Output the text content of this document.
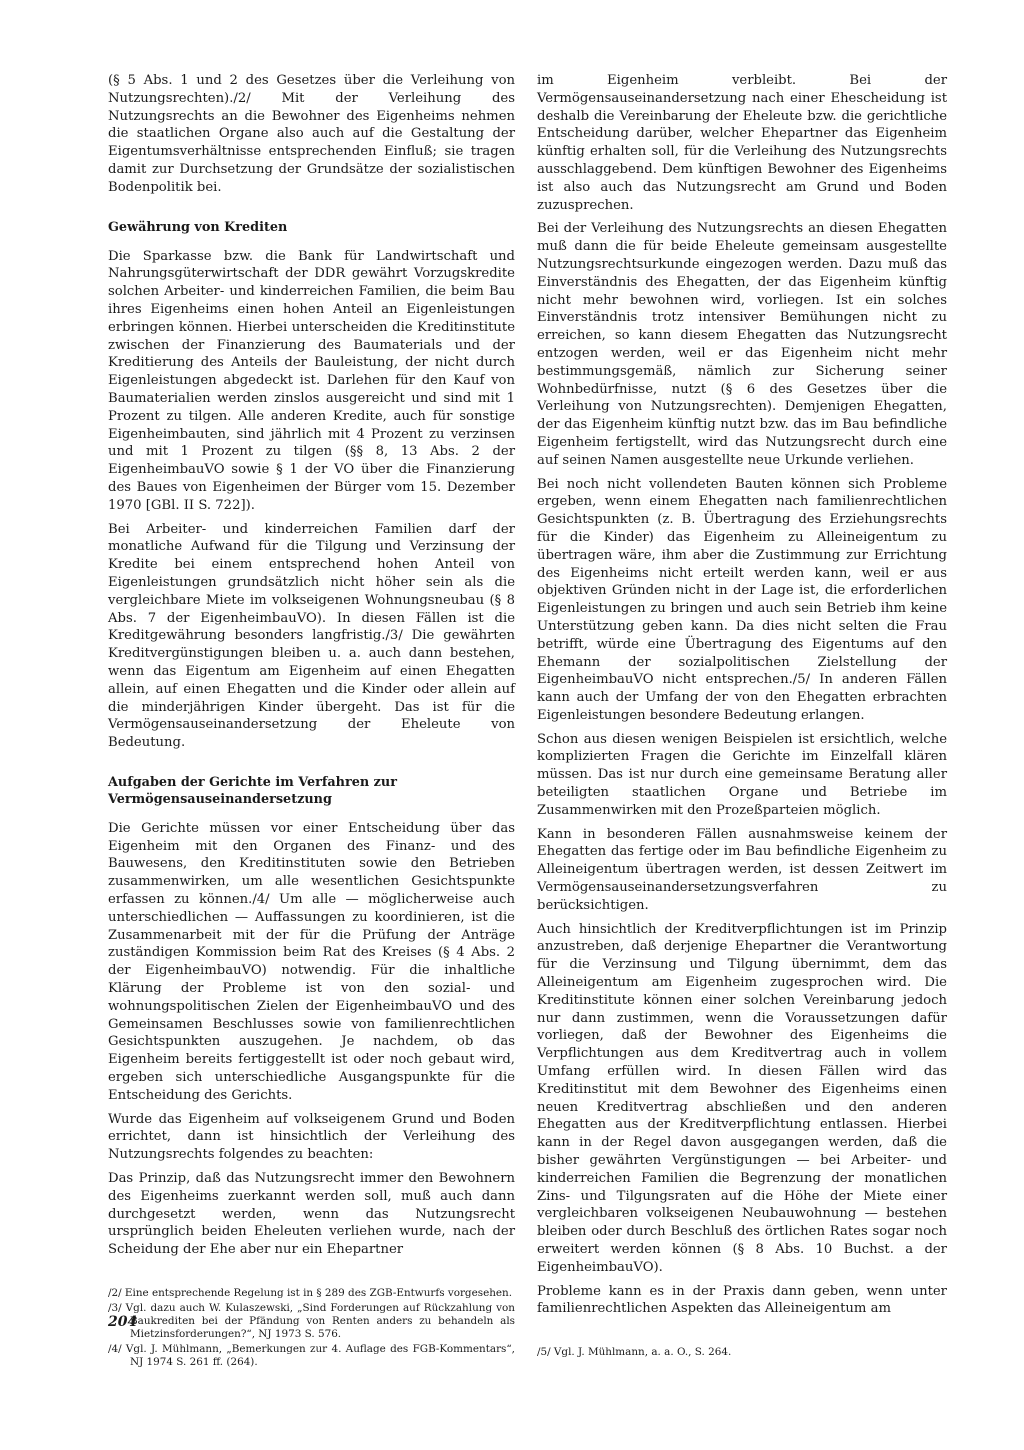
(§ 5 Abs. 1 und 2 des Gesetzes über die Verleihung von Nutzungsrechten)./2/ Mit der Verleihung des Nutzungsrechts an die Bewohner des Eigenheims nehmen die staatlichen Organe also auch auf die Gestaltung der Eigentumsverhältnisse entsprechenden Einfluß; sie tragen damit zur Durchsetzung der Grundsätze der sozialistischen Bodenpolitik bei.

Gewährung von Krediten

Die Sparkasse bzw. die Bank für Landwirtschaft und Nahrungsgüterwirtschaft der DDR gewährt Vorzugskredite solchen Arbeiter- und kinderreichen Familien, die beim Bau ihres Eigenheims einen hohen Anteil an Eigenleistungen erbringen können. Hierbei unterscheiden die Kreditinstitute zwischen der Finanzierung des Baumaterials und der Kreditierung des Anteils der Bauleistung, der nicht durch Eigenleistungen abgedeckt ist. Darlehen für den Kauf von Baumaterialien werden zinslos ausgereicht und sind mit 1 Prozent zu tilgen. Alle anderen Kredite, auch für sonstige Eigenheimbauten, sind jährlich mit 4 Prozent zu verzinsen und mit 1 Prozent zu tilgen (§§ 8, 13 Abs. 2 der EigenheimbauVO sowie § 1 der VO über die Finanzierung des Baues von Eigenheimen der Bürger vom 15. Dezember 1970 [GBl. II S. 722]).

Bei Arbeiter- und kinderreichen Familien darf der monatliche Aufwand für die Tilgung und Verzinsung der Kredite bei einem entsprechend hohen Anteil von Eigenleistungen grundsätzlich nicht höher sein als die vergleichbare Miete im volkseigenen Wohnungsneubau (§ 8 Abs. 7 der EigenheimbauVO). In diesen Fällen ist die Kreditgewährung besonders langfristig./3/ Die gewährten Kreditvergünstigungen bleiben u. a. auch dann bestehen, wenn das Eigentum am Eigenheim auf einen Ehegatten allein, auf einen Ehegatten und die Kinder oder allein auf die minderjährigen Kinder übergeht. Das ist für die Vermögensauseinandersetzung der Eheleute von Bedeutung.

Aufgaben der Gerichte im Verfahren zur Vermögensauseinandersetzung

Die Gerichte müssen vor einer Entscheidung über das Eigenheim mit den Organen des Finanz- und des Bauwesens, den Kreditinstituten sowie den Betrieben zusammenwirken, um alle wesentlichen Gesichtspunkte erfassen zu können./4/ Um alle — möglicherweise auch unterschiedlichen — Auffassungen zu koordinieren, ist die Zusammenarbeit mit der für die Prüfung der Anträge zuständigen Kommission beim Rat des Kreises (§ 4 Abs. 2 der EigenheimbauVO) notwendig. Für die inhaltliche Klärung der Probleme ist von den sozial- und wohnungspolitischen Zielen der EigenheimbauVO und des Gemeinsamen Beschlusses sowie von familienrechtlichen Gesichtspunkten auszugehen. Je nachdem, ob das Eigenheim bereits fertiggestellt ist oder noch gebaut wird, ergeben sich unterschiedliche Ausgangspunkte für die Entscheidung des Gerichts.

Wurde das Eigenheim auf volkseigenem Grund und Boden errichtet, dann ist hinsichtlich der Verleihung des Nutzungsrechts folgendes zu beachten:

Das Prinzip, daß das Nutzungsrecht immer den Bewohnern des Eigenheims zuerkannt werden soll, muß auch dann durchgesetzt werden, wenn das Nutzungsrecht ursprünglich beiden Eheleuten verliehen wurde, nach der Scheidung der Ehe aber nur ein Ehepartner

/2/ Eine entsprechende Regelung ist in § 289 des ZGB-Entwurfs vorgesehen.

/3/ Vgl. dazu auch W. Kulaszewski, „Sind Forderungen auf Rückzahlung von Baukrediten bei der Pfändung von Renten anders zu behandeln als Mietzinsforderungen?“, NJ 1973 S. 576.

/4/ Vgl. J. Mühlmann, „Bemerkungen zur 4. Auflage des FGB-Kommentars“, NJ 1974 S. 261 ff. (264).

im Eigenheim verbleibt. Bei der Vermögensauseinandersetzung nach einer Ehescheidung ist deshalb die Vereinbarung der Eheleute bzw. die gerichtliche Entscheidung darüber, welcher Ehepartner das Eigenheim künftig erhalten soll, für die Verleihung des Nutzungsrechts ausschlaggebend. Dem künftigen Bewohner des Eigenheims ist also auch das Nutzungsrecht am Grund und Boden zuzusprechen.

Bei der Verleihung des Nutzungsrechts an diesen Ehegatten muß dann die für beide Eheleute gemeinsam ausgestellte Nutzungsrechtsurkunde eingezogen werden. Dazu muß das Einverständnis des Ehegatten, der das Eigenheim künftig nicht mehr bewohnen wird, vorliegen. Ist ein solches Einverständnis trotz intensiver Bemühungen nicht zu erreichen, so kann diesem Ehegatten das Nutzungsrecht entzogen werden, weil er das Eigenheim nicht mehr bestimmungsgemäß, nämlich zur Sicherung seiner Wohnbedürfnisse, nutzt (§ 6 des Gesetzes über die Verleihung von Nutzungsrechten). Demjenigen Ehegatten, der das Eigenheim künftig nutzt bzw. das im Bau befindliche Eigenheim fertigstellt, wird das Nutzungsrecht durch eine auf seinen Namen ausgestellte neue Urkunde verliehen.

Bei noch nicht vollendeten Bauten können sich Probleme ergeben, wenn einem Ehegatten nach familienrechtlichen Gesichtspunkten (z. B. Übertragung des Erziehungsrechts für die Kinder) das Eigenheim zu Alleineigentum zu übertragen wäre, ihm aber die Zustimmung zur Errichtung des Eigenheims nicht erteilt werden kann, weil er aus objektiven Gründen nicht in der Lage ist, die erforderlichen Eigenleistungen zu bringen und auch sein Betrieb ihm keine Unterstützung geben kann. Da dies nicht selten die Frau betrifft, würde eine Übertragung des Eigentums auf den Ehemann der sozialpolitischen Zielstellung der EigenheimbauVO nicht entsprechen./5/ In anderen Fällen kann auch der Umfang der von den Ehegatten erbrachten Eigenleistungen besondere Bedeutung erlangen.

Schon aus diesen wenigen Beispielen ist ersichtlich, welche komplizierten Fragen die Gerichte im Einzelfall klären müssen. Das ist nur durch eine gemeinsame Beratung aller beteiligten staatlichen Organe und Betriebe im Zusammenwirken mit den Prozeßparteien möglich.

Kann in besonderen Fällen ausnahmsweise keinem der Ehegatten das fertige oder im Bau befindliche Eigenheim zu Alleineigentum übertragen werden, ist dessen Zeitwert im Vermögensauseinandersetzungsverfahren zu berücksichtigen.

Auch hinsichtlich der Kreditverpflichtungen ist im Prinzip anzustreben, daß derjenige Ehepartner die Verantwortung für die Verzinsung und Tilgung übernimmt, dem das Alleineigentum am Eigenheim zugesprochen wird. Die Kreditinstitute können einer solchen Vereinbarung jedoch nur dann zustimmen, wenn die Voraussetzungen dafür vorliegen, daß der Bewohner des Eigenheims die Verpflichtungen aus dem Kreditvertrag auch in vollem Umfang erfüllen wird. In diesen Fällen wird das Kreditinstitut mit dem Bewohner des Eigenheims einen neuen Kreditvertrag abschließen und den anderen Ehegatten aus der Kreditverpflichtung entlassen. Hierbei kann in der Regel davon ausgegangen werden, daß die bisher gewährten Vergünstigungen — bei Arbeiter- und kinderreichen Familien die Begrenzung der monatlichen Zins- und Tilgungsraten auf die Höhe der Miete einer vergleichbaren volkseigenen Neubauwohnung — bestehen bleiben oder durch Beschluß des örtlichen Rates sogar noch erweitert werden können (§ 8 Abs. 10 Buchst. a der EigenheimbauVO).

Probleme kann es in der Praxis dann geben, wenn unter familienrechtlichen Aspekten das Alleineigentum am

/5/ Vgl. J. Mühlmann, a. a. O., S. 264.

204
